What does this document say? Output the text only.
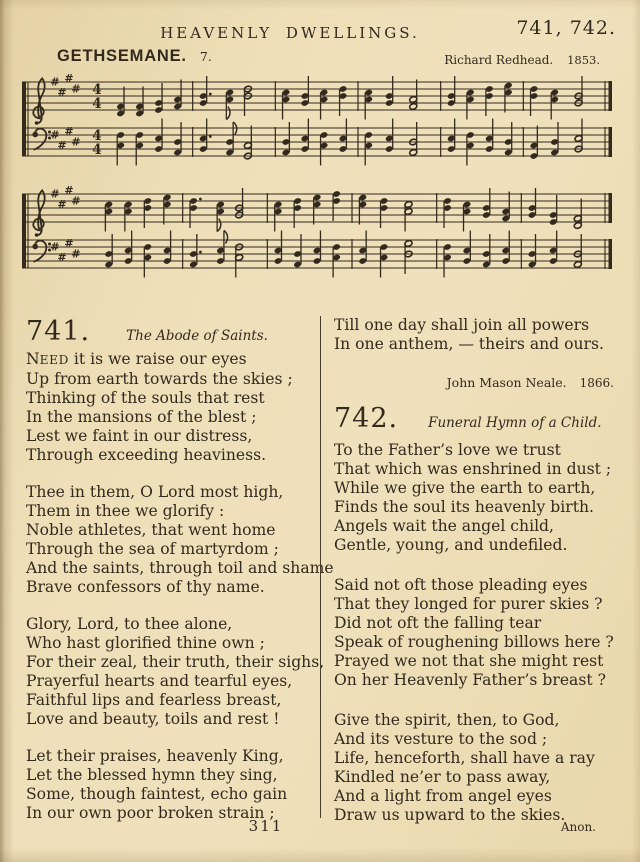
HEAVENLY DWELLINGS.	741, 742.
GETHSEMANE. 7.	Richard Redhead. 1853.
#
#
#
#
#
#
#
#
4
4
4
4
#
#
#
#
#
#
#
#
741.	The Abode of Saints.
NEED it is we raise our eyes
Up from earth towards the skies ;
Thinking of the souls that rest
In the mansions of the blest ;
Lest we faint in our distress,
Through exceeding heaviness.
Thee in them, O Lord most high,
Them in thee we glorify :
Noble athletes, that went home
Through the sea of martyrdom ;
And the saints, through toil and shame
Brave confessors of thy name.
Glory, Lord, to thee alone,
Who hast glorified thine own ;
For their zeal, their truth, their sighs,
Prayerful hearts and tearful eyes,
Faithful lips and fearless breast,
Love and beauty, toils and rest !
Let their praises, heavenly King,
Let the blessed hymn they sing,
Some, though faintest, echo gain
In our own poor broken strain ;
Till one day shall join all powers
In one anthem, — theirs and ours.
John Mason Neale. 1866.
742. Funeral Hymn of a Child.
To the Father’s love we trust
That which was enshrined in dust ;
While we give the earth to earth,
Finds the soul its heavenly birth.
Angels wait the angel child,
Gentle, young, and undefiled.
Said not oft those pleading eyes
That they longed for purer skies ?
Did not oft the falling tear
Speak of roughening billows here ?
Prayed we not that she might rest
On her Heavenly Father’s breast ?
Give the spirit, then, to God,
And its vesture to the sod ;
Life, henceforth, shall have a ray
Kindled ne’er to pass away,
And a light from angel eyes
Draw us upward to the skies.
311	Anon.
